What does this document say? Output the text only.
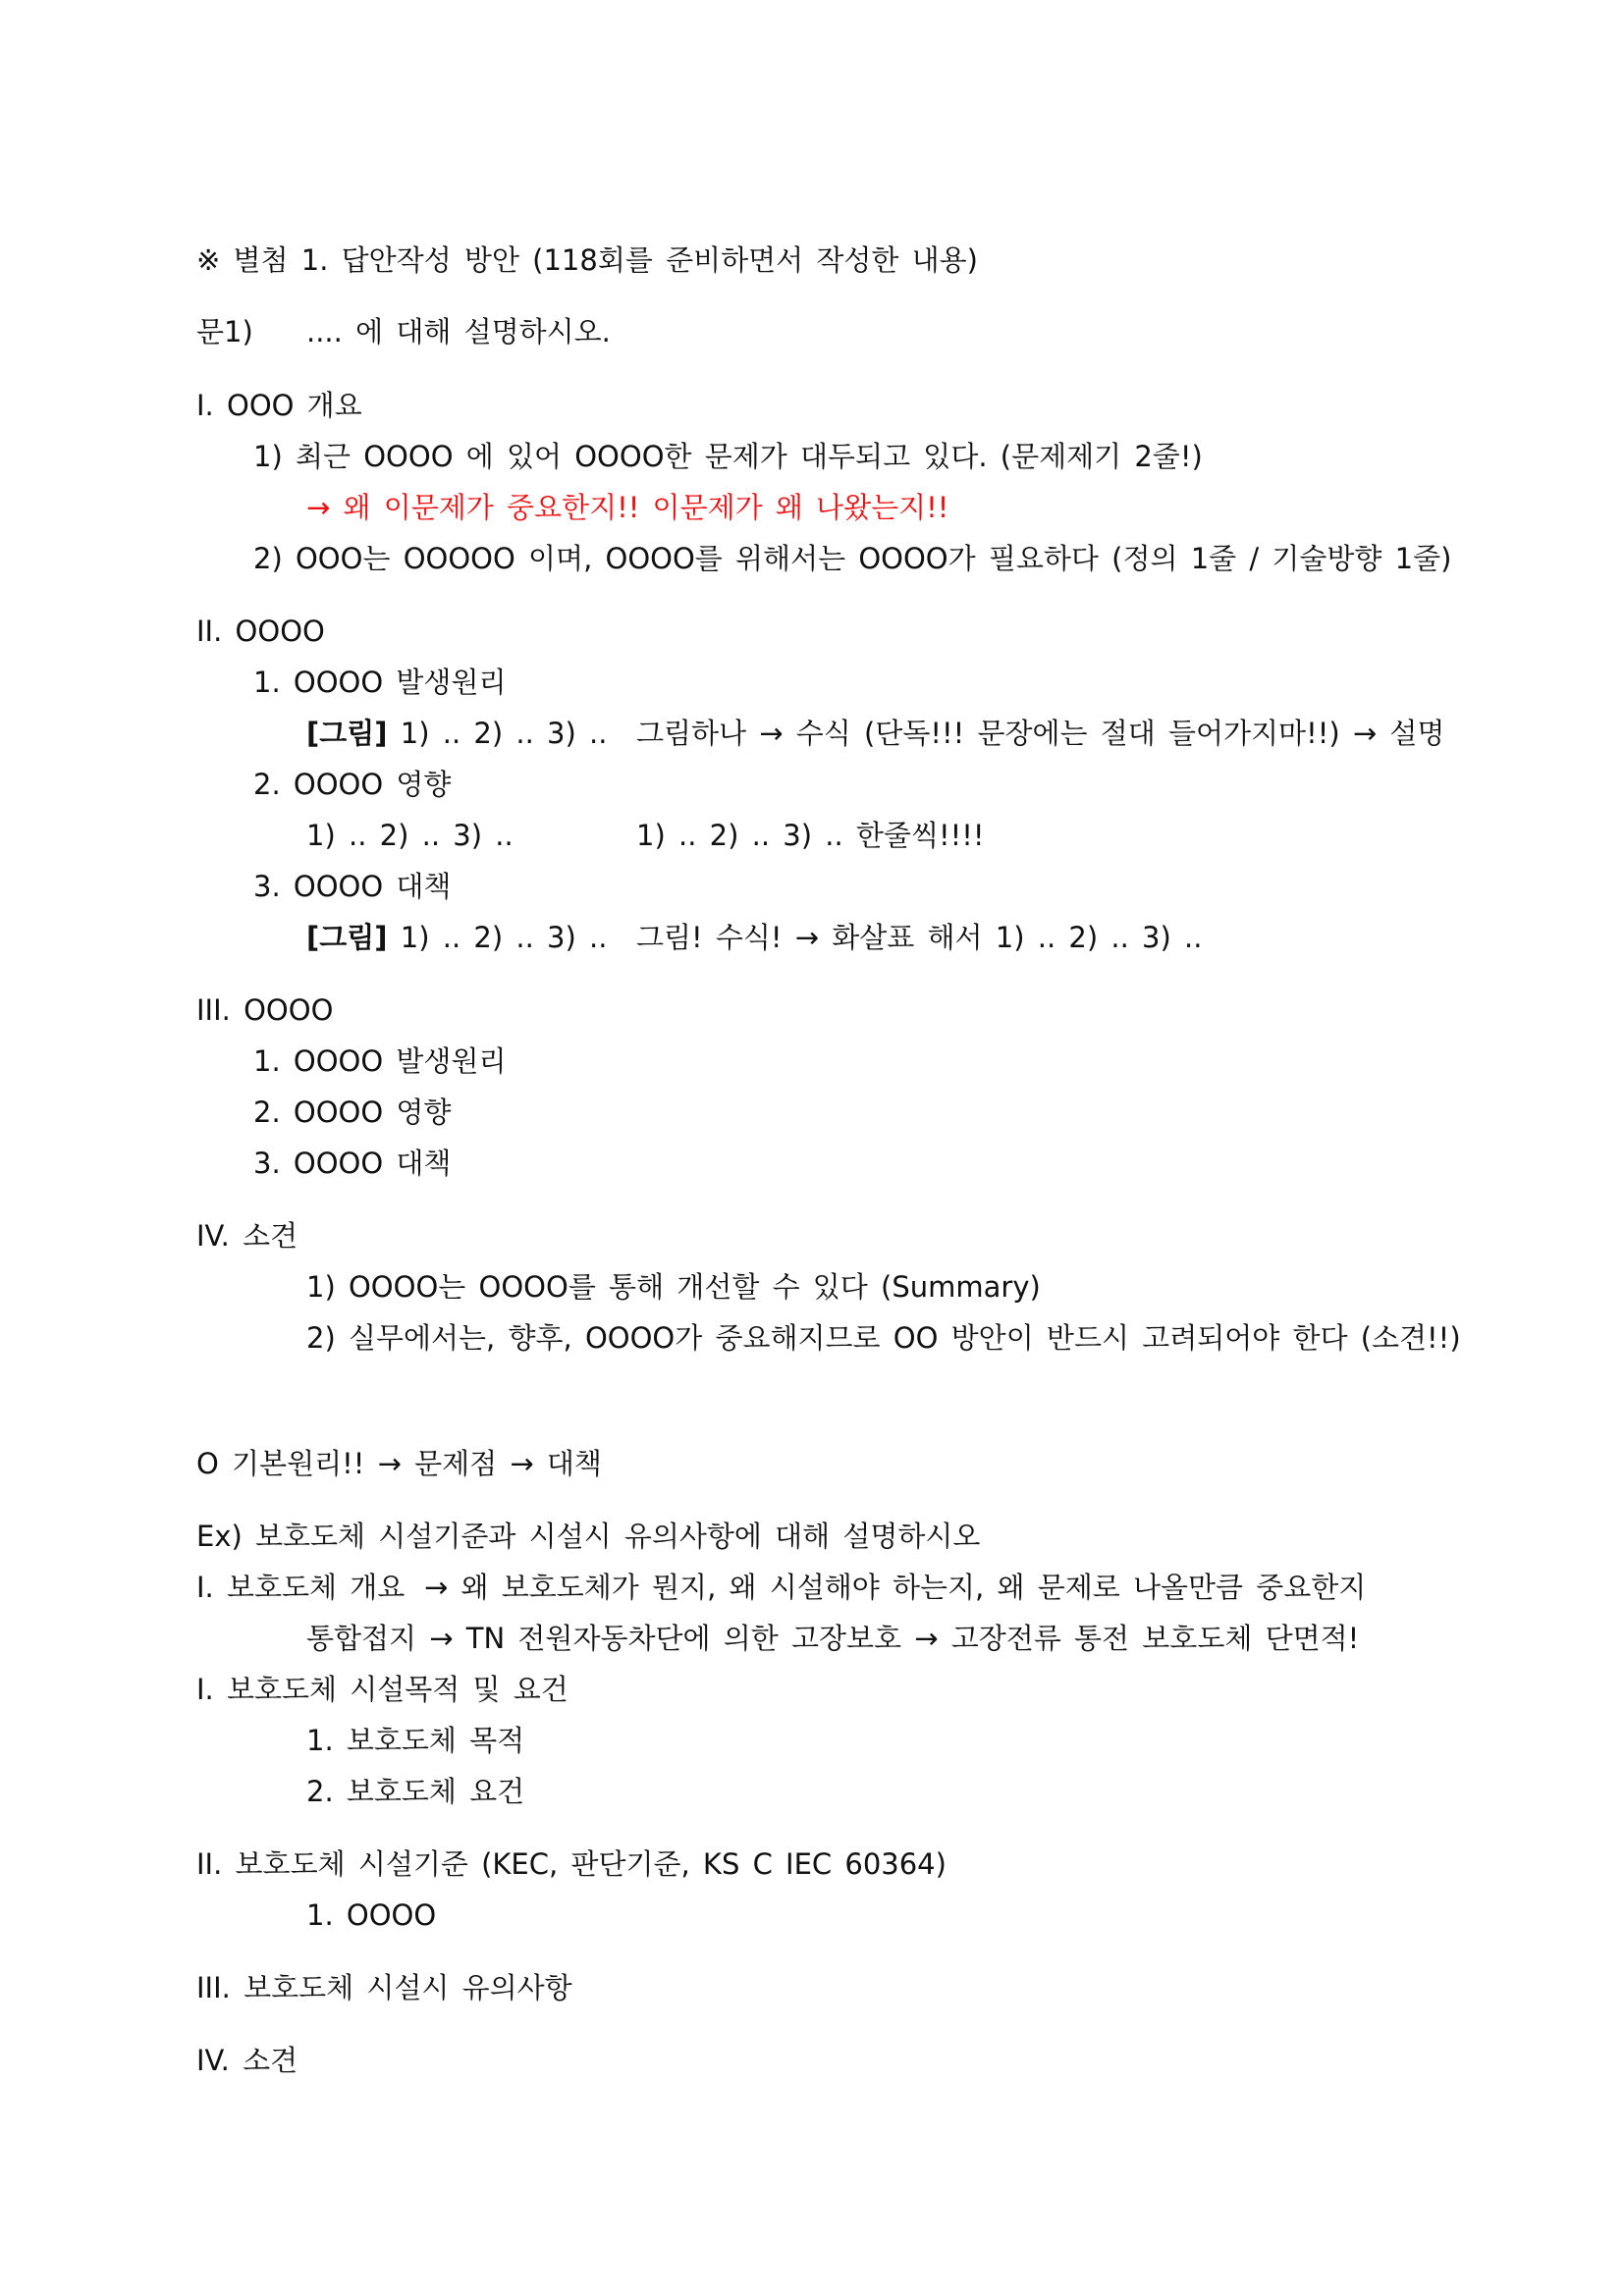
※ 별첨 1. 답안작성 방안 (118회를 준비하면서 작성한 내용)
문1) .... 에 대해 설명하시오.
I. OOO 개요
1) 최근 OOOO 에 있어 OOOO한 문제가 대두되고 있다. (문제제기 2줄!)
→ 왜 이문제가 중요한지!! 이문제가 왜 나왔는지!!
2) OOO는 OOOOO 이며, OOOO를 위해서는 OOOO가 필요하다 (정의 1줄 / 기술방향 1줄)
II. OOOO
1. OOOO 발생원리
[그림] 1) .. 2) .. 3) .. 그림하나 → 수식 (단독!!! 문장에는 절대 들어가지마!!) → 설명
2. OOOO 영향
1) .. 2) .. 3) ..	1) .. 2) .. 3) .. 한줄씩!!!!
3. OOOO 대책
[그림] 1) .. 2) .. 3) .. 그림! 수식! → 화살표 해서 1) .. 2) .. 3) ..
III. OOOO
1. OOOO 발생원리
2. OOOO 영향
3. OOOO 대책
IV. 소견
1) OOOO는 OOOO를 통해 개선할 수 있다 (Summary)
2) 실무에서는, 향후, OOOO가 중요해지므로 OO 방안이 반드시 고려되어야 한다 (소견!!)
O 기본원리!! → 문제점 → 대책
Ex) 보호도체 시설기준과 시설시 유의사항에 대해 설명하시오
I. 보호도체 개요 → 왜 보호도체가 뭔지, 왜 시설해야 하는지, 왜 문제로 나올만큼 중요한지
통합접지 → TN 전원자동차단에 의한 고장보호 → 고장전류 통전 보호도체 단면적!
I. 보호도체 시설목적 및 요건
1. 보호도체 목적
2. 보호도체 요건
II. 보호도체 시설기준 (KEC, 판단기준, KS C IEC 60364)
1. OOOO
III. 보호도체 시설시 유의사항
IV. 소견
